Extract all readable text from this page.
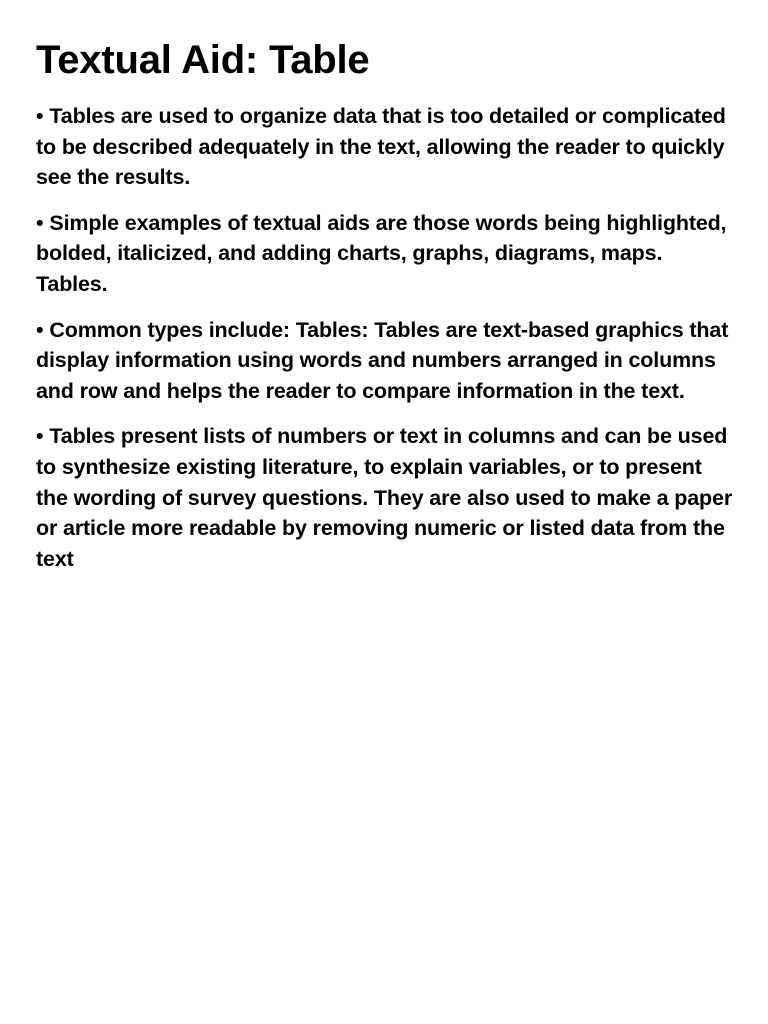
Textual Aid: Table
• Tables are used to organize data that is too detailed or complicated to be described adequately in the text, allowing the reader to quickly see the results.
• Simple examples of textual aids are those words being highlighted, bolded, italicized, and adding charts, graphs, diagrams, maps. Tables.
• Common types include: Tables: Tables are text-based graphics that display information using words and numbers arranged in columns and row and helps the reader to compare information in the text.
• Tables present lists of numbers or text in columns and can be used to synthesize existing literature, to explain variables, or to present the wording of survey questions. They are also used to make a paper or article more readable by removing numeric or listed data from the text
